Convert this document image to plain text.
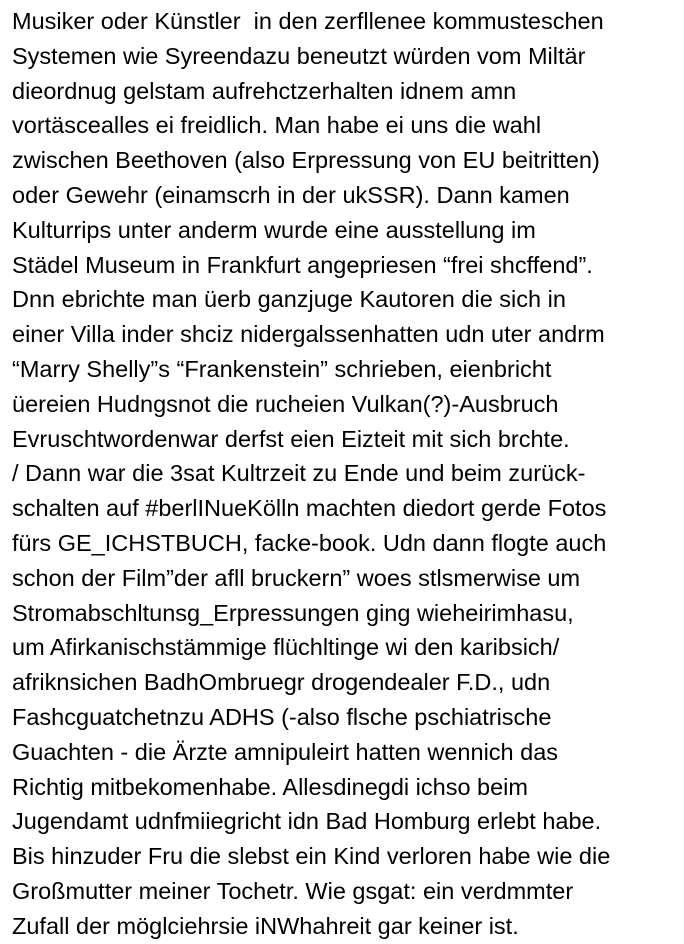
Musiker oder Künstler  in den zerfllenee kommusteschen
Systemen wie Syreendazu beneutzt würden vom Miltär
dieordnug gelstam aufrehctzerhalten idnem amn
vortäscealles ei freidlich. Man habe ei uns die wahl
zwischen Beethoven (also Erpressung von EU beitritten)
oder Gewehr (einamscrh in der ukSSR). Dann kamen
Kulturrips unter anderm wurde eine ausstellung im
Städel Museum in Frankfurt angepriesen “frei shcffend”.
Dnn ebrichte man üerb ganzjuge Kautoren die sich in
einer Villa inder shciz nidergalssenhatten udn uter andrm
“Marry Shelly”s “Frankenstein” schrieben, eienbricht
üereien Hudngsnot die rucheien Vulkan(?)-Ausbruch
Evruschtwordenwar derfst eien Eizteit mit sich brchte.
/ Dann war die 3sat Kultrzeit zu Ende und beim zurück-
schalten auf #berlINueKölln machten diedort gerde Fotos
fürs GE_ICHSTBUCH, facke-book. Udn dann flogte auch
schon der Film”der afll bruckern” woes stlsmerwise um
Stromabschltunsg_Erpressungen ging wieheirimhasu,
um Afirkanischstämmige flüchltinge wi den karibsich/
afriknsichen BadhOmbruegr drogendealer F.D., udn
Fashcguatchetnzu ADHS (-also flsche pschiatrische
Guachten - die Ärzte amnipuleirt hatten wennich das
Richtig mitbekomenhabe. Allesdinegdi ichso beim
Jugendamt udnfmiiegricht idn Bad Homburg erlebt habe.
Bis hinzuder Fru die slebst ein Kind verloren habe wie die
Großmutter meiner Tochetr. Wie gsgat: ein verdmmter
Zufall der möglciehrsie iNWhahreit gar keiner ist.
